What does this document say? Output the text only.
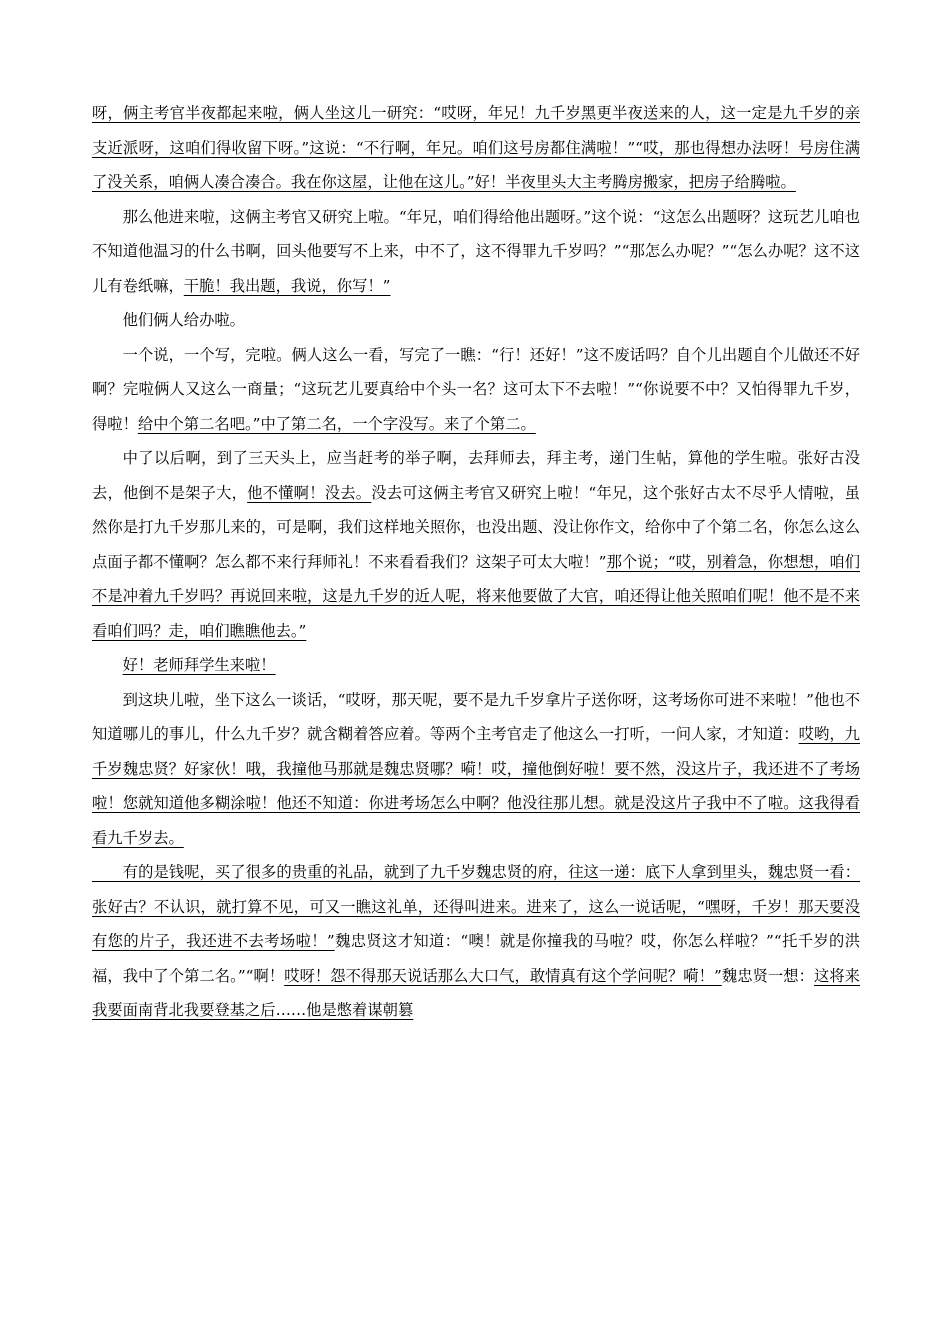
呀，俩主考官半夜都起来啦，俩人坐这儿一研究：“哎呀，年兄！九千岁黑更半夜送来的人，这一定是九千岁的亲支近派呀，这咱们得收留下呀。”这说：“不行啊，年兄。咱们这号房都住满啦！”“哎，那也得想办法呀！号房住满了没关系，咱俩人凑合凑合。我在你这屋，让他在这儿。”好！半夜里头大主考腾房搬家，把房子给腾啦。

那么他进来啦，这俩主考官又研究上啦。“年兄，咱们得给他出题呀。”这个说：“这怎么出题呀？这玩艺儿咱也不知道他温习的什么书啊，回头他要写不上来，中不了，这不得罪九千岁吗？”“那怎么办呢？”“怎么办呢？这不这儿有卷纸嘛，干脆！我出题，我说，你写！”

他们俩人给办啦。

一个说，一个写，完啦。俩人这么一看，写完了一瞧：“行！还好！”这不废话吗？自个儿出题自个儿做还不好啊？完啦俩人又这么一商量；“这玩艺儿要真给中个头一名？这可太下不去啦！”“你说要不中？又怕得罪九千岁，得啦！给中个第二名吧。”中了第二名，一个字没写。来了个第二。

中了以后啊，到了三天头上，应当赶考的举子啊，去拜师去，拜主考，递门生帖，算他的学生啦。张好古没去，他倒不是架子大，他不懂啊！没去。没去可这俩主考官又研究上啦！“年兄，这个张好古太不尽乎人情啦，虽然你是打九千岁那儿来的，可是啊，我们这样地关照你，也没出题、没让你作文，给你中了个第二名，你怎么这么点面子都不懂啊？怎么都不来行拜师礼！不来看看我们？这架子可太大啦！”那个说；“哎，别着急，你想想，咱们不是冲着九千岁吗？再说回来啦，这是九千岁的近人呢，将来他要做了大官，咱还得让他关照咱们呢！他不是不来看咱们吗？走，咱们瞧瞧他去。”

好！老师拜学生来啦！

到这块儿啦，坐下这么一谈话，“哎呀，那天呢，要不是九千岁拿片子送你呀，这考场你可进不来啦！”他也不知道哪儿的事儿，什么九千岁？就含糊着答应着。等两个主考官走了他这么一打听，一问人家，才知道：哎哟，九千岁魏忠贤？好家伙！哦，我撞他马那就是魏忠贤哪？嗬！哎，撞他倒好啦！要不然，没这片子，我还进不了考场啦！您就知道他多糊涂啦！他还不知道：你进考场怎么中啊？他没往那儿想。就是没这片子我中不了啦。这我得看看九千岁去。

　　有的是钱呢，买了很多的贵重的礼品，就到了九千岁魏忠贤的府，往这一递：底下人拿到里头，魏忠贤一看：张好古？不认识，就打算不见，可又一瞧这礼单，还得叫进来。进来了，这么一说话呢，“嘿呀，千岁！那天要没有您的片子，我还进不去考场啦！”魏忠贤这才知道：“噢！就是你撞我的马啦？哎，你怎么样啦？”“托千岁的洪福，我中了个第二名。”“啊！哎呀！怨不得那天说话那么大口气，敢情真有这个学问呢？嗬！”魏忠贤一想：这将来我要面南背北我要登基之后……他是憋着谋朝篡
